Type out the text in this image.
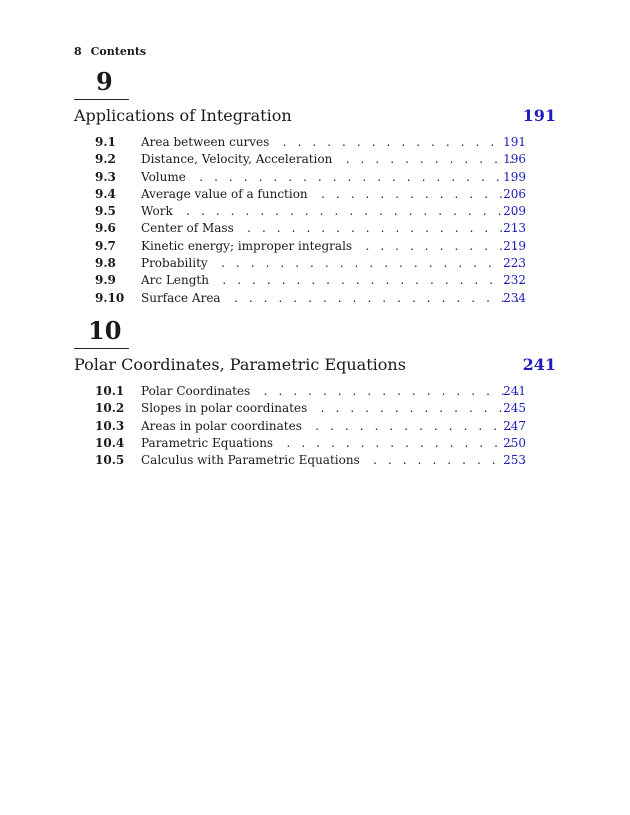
8 Contents
9
Applications of Integration	191
9.1 Area between curves . . .	191
9.2 Distance, Velocity, Acceleration . . .	196
9.3 Volume . . .	199
9.4 Average value of a function . . .	206
9.5 Work . . .	209
9.6 Center of Mass . . .	213
9.7 Kinetic energy; improper integrals . . .	219
9.8 Probability . . .	223
9.9 Arc Length . . .	232
9.10 Surface Area . . .	234
10
Polar Coordinates, Parametric Equations	241
10.1 Polar Coordinates . . .	241
10.2 Slopes in polar coordinates . . .	245
10.3 Areas in polar coordinates . . .	247
10.4 Parametric Equations . . .	250
10.5 Calculus with Parametric Equations . . .	253
